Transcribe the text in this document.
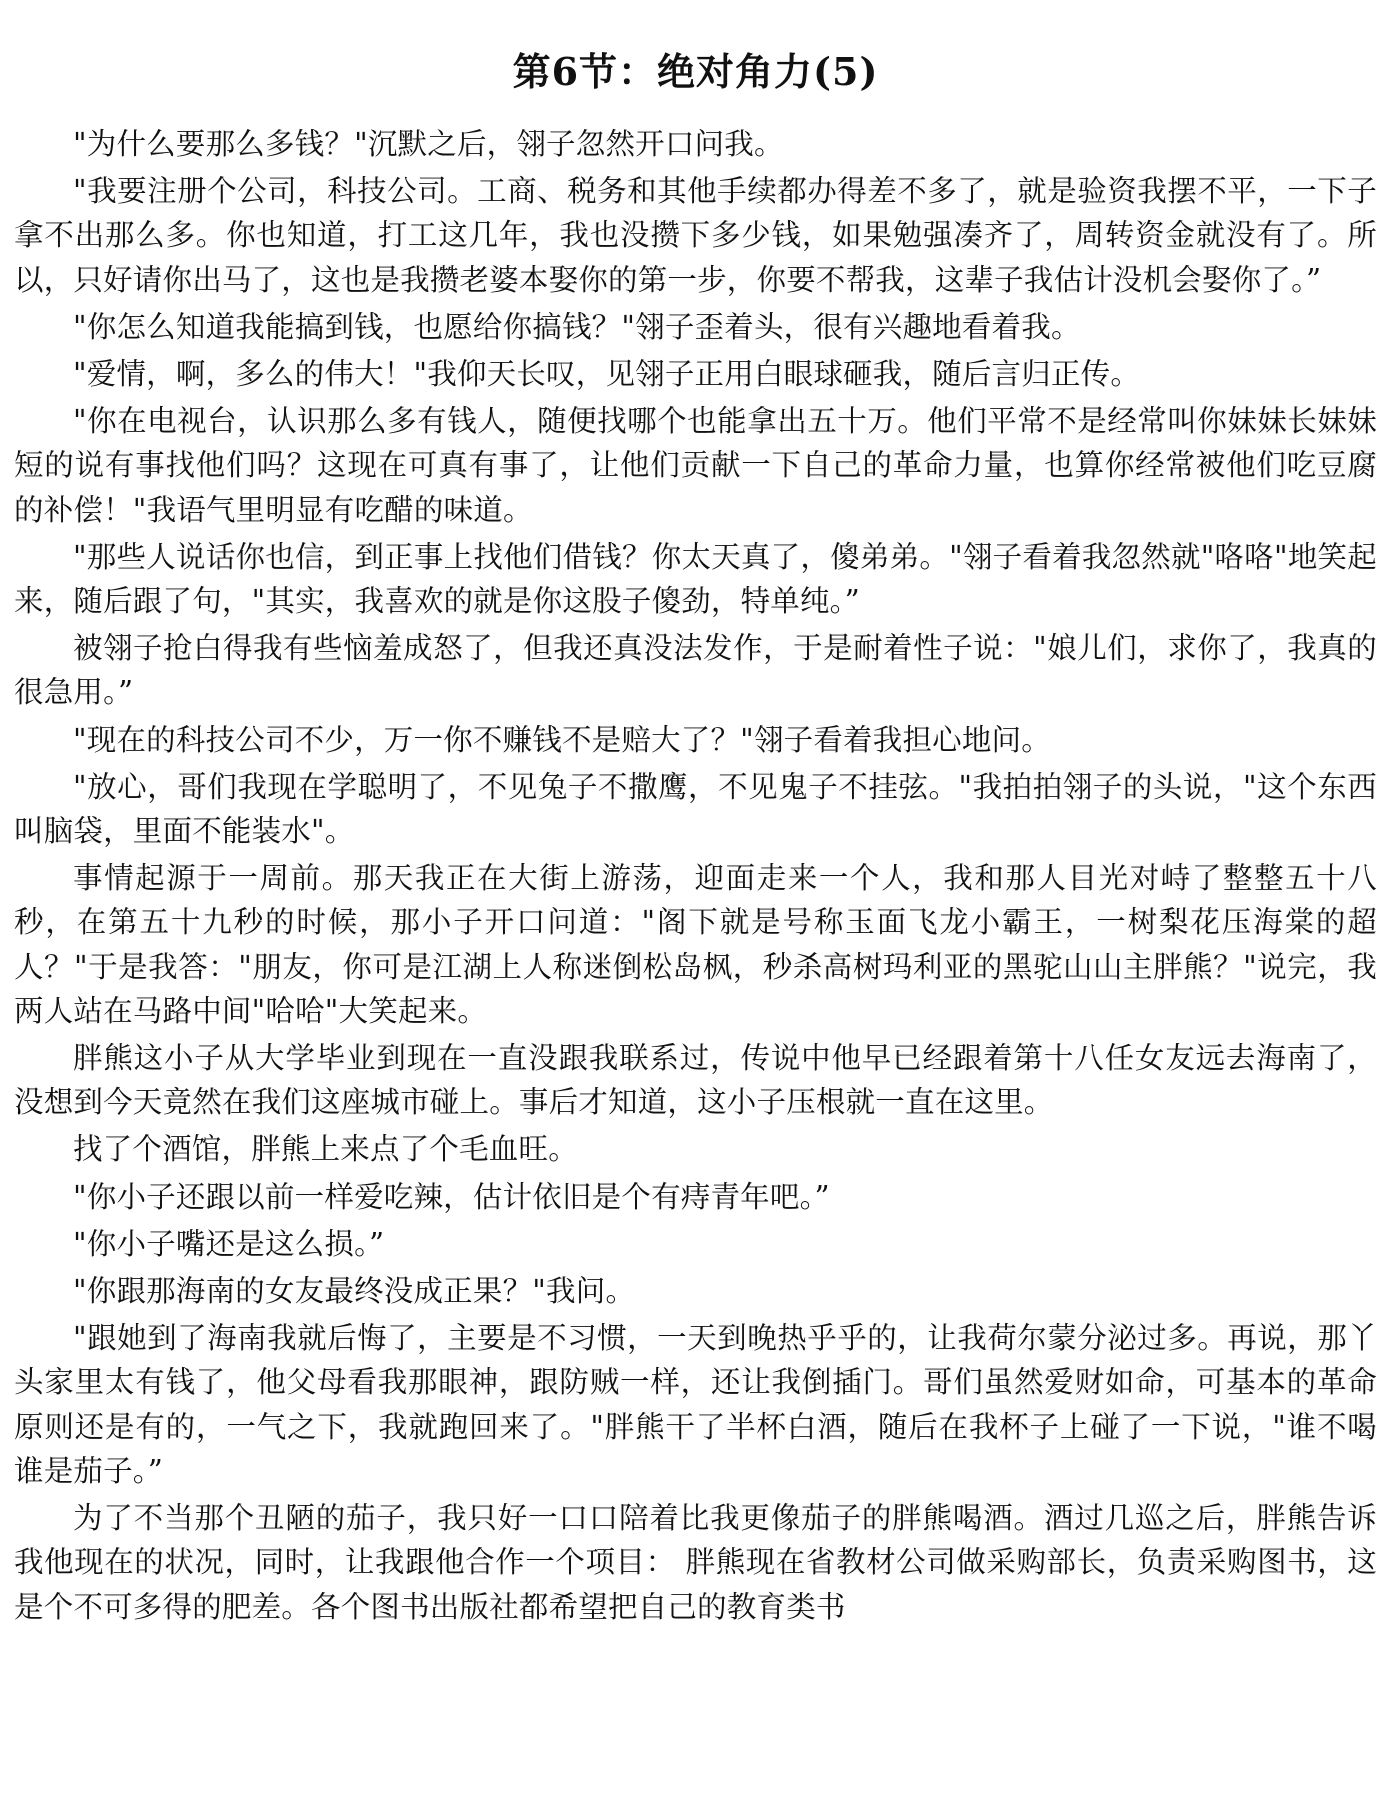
第6节：绝对角力(5)

"为什么要那么多钱？"沉默之后，翎子忽然开口问我。

"我要注册个公司，科技公司。工商、税务和其他手续都办得差不多了，就是验资我摆不平，一下子拿不出那么多。你也知道，打工这几年，我也没攒下多少钱，如果勉强凑齐了，周转资金就没有了。所以，只好请你出马了，这也是我攒老婆本娶你的第一步，你要不帮我，这辈子我估计没机会娶你了。”

"你怎么知道我能搞到钱，也愿给你搞钱？"翎子歪着头，很有兴趣地看着我。

"爱情，啊，多么的伟大！"我仰天长叹，见翎子正用白眼球砸我，随后言归正传。

"你在电视台，认识那么多有钱人，随便找哪个也能拿出五十万。他们平常不是经常叫你妹妹长妹妹短的说有事找他们吗？这现在可真有事了，让他们贡献一下自己的革命力量，也算你经常被他们吃豆腐的补偿！"我语气里明显有吃醋的味道。

"那些人说话你也信，到正事上找他们借钱？你太天真了，傻弟弟。"翎子看着我忽然就"咯咯"地笑起来，随后跟了句，"其实，我喜欢的就是你这股子傻劲，特单纯。”

被翎子抢白得我有些恼羞成怒了，但我还真没法发作，于是耐着性子说："娘儿们，求你了，我真的很急用。”

"现在的科技公司不少，万一你不赚钱不是赔大了？"翎子看着我担心地问。

"放心，哥们我现在学聪明了，不见兔子不撒鹰，不见鬼子不挂弦。"我拍拍翎子的头说，"这个东西叫脑袋，里面不能装水"。

事情起源于一周前。那天我正在大街上游荡，迎面走来一个人，我和那人目光对峙了整整五十八秒，在第五十九秒的时候，那小子开口问道："阁下就是号称玉面飞龙小霸王，一树梨花压海棠的超人？"于是我答："朋友，你可是江湖上人称迷倒松岛枫，秒杀高树玛利亚的黑驼山山主胖熊？"说完，我两人站在马路中间"哈哈"大笑起来。

胖熊这小子从大学毕业到现在一直没跟我联系过，传说中他早已经跟着第十八任女友远去海南了，没想到今天竟然在我们这座城市碰上。事后才知道，这小子压根就一直在这里。

找了个酒馆，胖熊上来点了个毛血旺。

"你小子还跟以前一样爱吃辣，估计依旧是个有痔青年吧。”

"你小子嘴还是这么损。”

"你跟那海南的女友最终没成正果？"我问。

"跟她到了海南我就后悔了，主要是不习惯，一天到晚热乎乎的，让我荷尔蒙分泌过多。再说，那丫头家里太有钱了，他父母看我那眼神，跟防贼一样，还让我倒插门。哥们虽然爱财如命，可基本的革命原则还是有的，一气之下，我就跑回来了。"胖熊干了半杯白酒，随后在我杯子上碰了一下说，"谁不喝谁是茄子。”

为了不当那个丑陋的茄子，我只好一口口陪着比我更像茄子的胖熊喝酒。酒过几巡之后，胖熊告诉我他现在的状况，同时，让我跟他合作一个项目： 胖熊现在省教材公司做采购部长，负责采购图书，这是个不可多得的肥差。各个图书出版社都希望把自己的教育类书
